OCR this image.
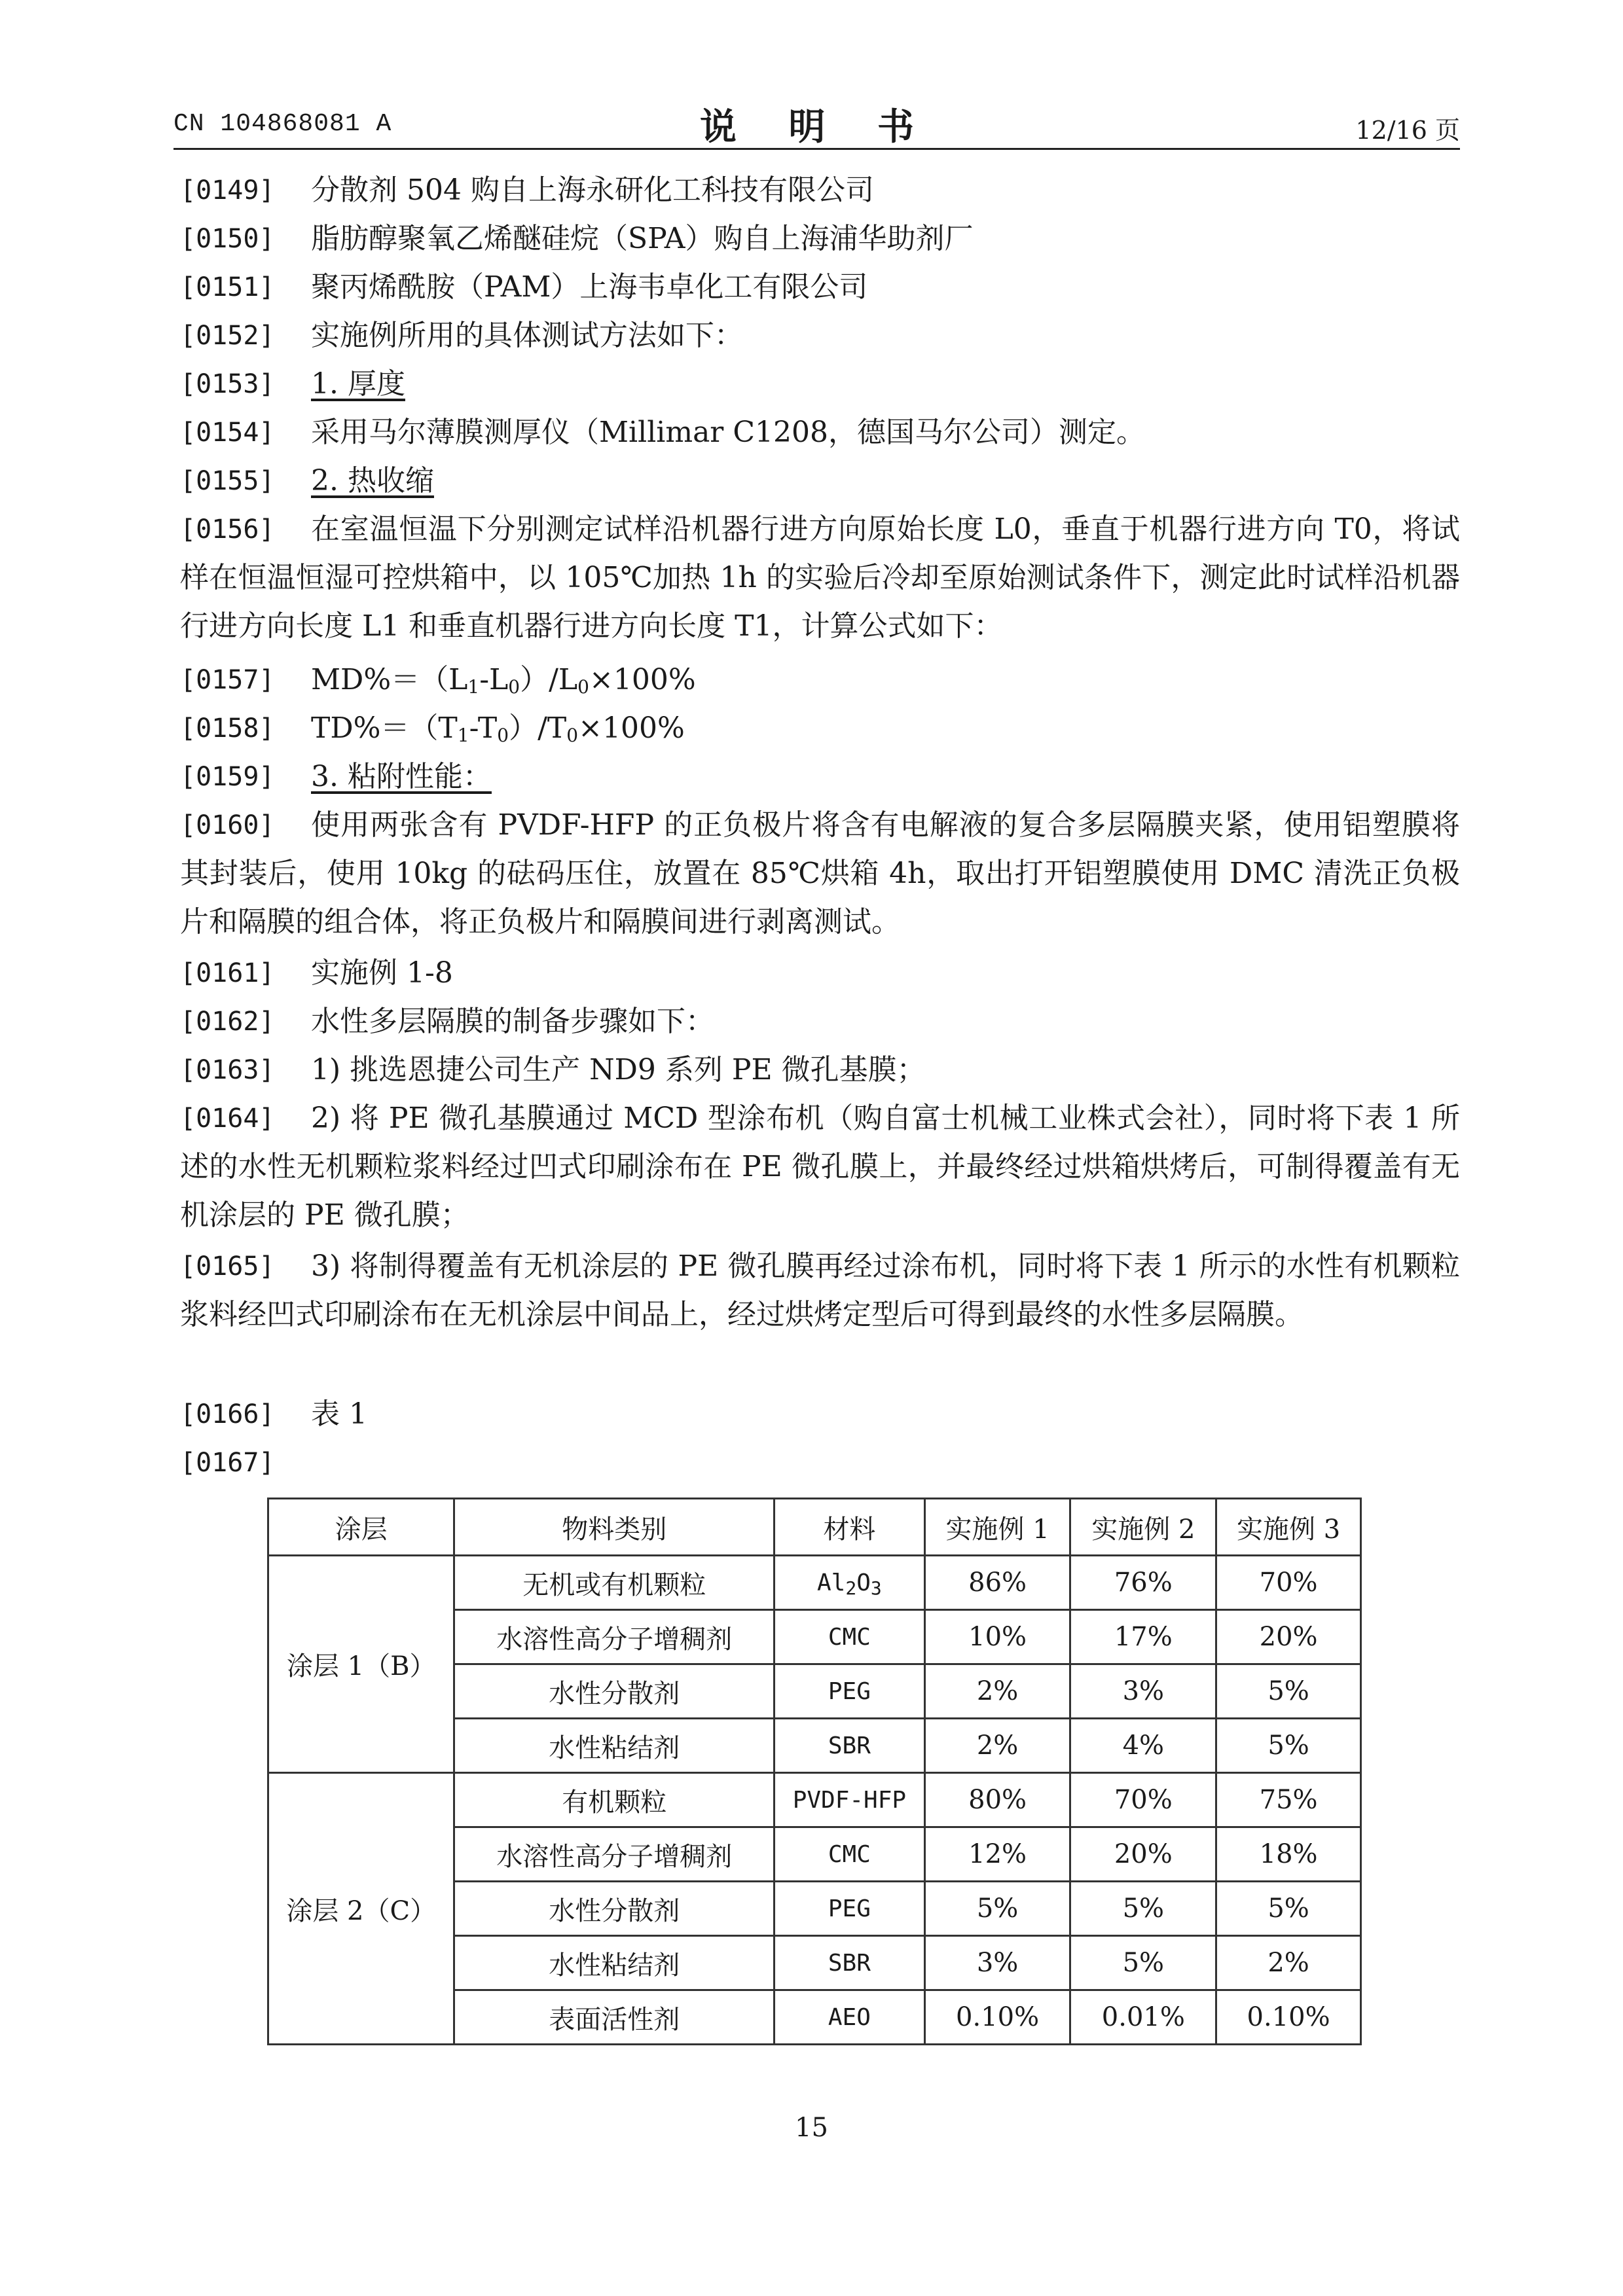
CN 104868081 A	说 明 书	12/16 页
[0149]	分散剂 504 购自上海永研化工科技有限公司
[0150]	脂肪醇聚氧乙烯醚硅烷（SPA）购自上海浦华助剂厂
[0151]	聚丙烯酰胺（PAM）上海韦卓化工有限公司
[0152]	实施例所用的具体测试方法如下：
[0153]	1. 厚度
[0154]	采用马尔薄膜测厚仪（Millimar C1208，德国马尔公司）测定。
[0155]	2. 热收缩
[0156]	在室温恒温下分别测定试样沿机器行进方向原始长度 L0，垂直于机器行进方向 T0，将试样在恒温恒湿可控烘箱中，以 105℃加热 1h 的实验后冷却至原始测试条件下，测定此时试样沿机器行进方向长度 L1 和垂直机器行进方向长度 T1，计算公式如下：
[0157]	$MD\%=(L_1-L_0)/L_0\times 100\%$
[0158]	$TD\%=(T_1-T_0)/T_0\times 100\%$
[0159]	3. 粘附性能：
[0160]	使用两张含有 PVDF-HFP 的正负极片将含有电解液的复合多层隔膜夹紧，使用铝塑膜将其封装后，使用 10kg 的砝码压住，放置在 85℃烘箱 4h，取出打开铝塑膜使用 DMC 清洗正负极片和隔膜的组合体，将正负极片和隔膜间进行剥离测试。
[0161]	实施例 1-8
[0162]	水性多层隔膜的制备步骤如下：
[0163]	1) 挑选恩捷公司生产 ND9 系列 PE 微孔基膜；
[0164]	2) 将 PE 微孔基膜通过 MCD 型涂布机（购自富士机械工业株式会社），同时将下表 1 所述的水性无机颗粒浆料经过凹式印刷涂布在 PE 微孔膜上，并最终经过烘箱烘烤后，可制得覆盖有无机涂层的 PE 微孔膜；
[0165]	3) 将制得覆盖有无机涂层的 PE 微孔膜再经过涂布机，同时将下表 1 所示的水性有机颗粒浆料经凹式印刷涂布在无机涂层中间品上，经过烘烤定型后可得到最终的水性多层隔膜。
[0166]	表 1
[0167]
涂层	物料类别	材料	实施例 1	实施例 2	实施例 3
涂层 1（B）	无机或有机颗粒	$Al_2O_3$	86%	76%	70%
	水溶性高分子增稠剂	CMC	10%	17%	20%
	水性分散剂	PEG	2%	3%	5%
	水性粘结剂	SBR	2%	4%	5%
涂层 2（C）	有机颗粒	PVDF-HFP	80%	70%	75%
	水溶性高分子增稠剂	CMC	12%	20%	18%
	水性分散剂	PEG	5%	5%	5%
	水性粘结剂	SBR	3%	5%	2%
	表面活性剂	AEO	0.10%	0.01%	0.10%
15
